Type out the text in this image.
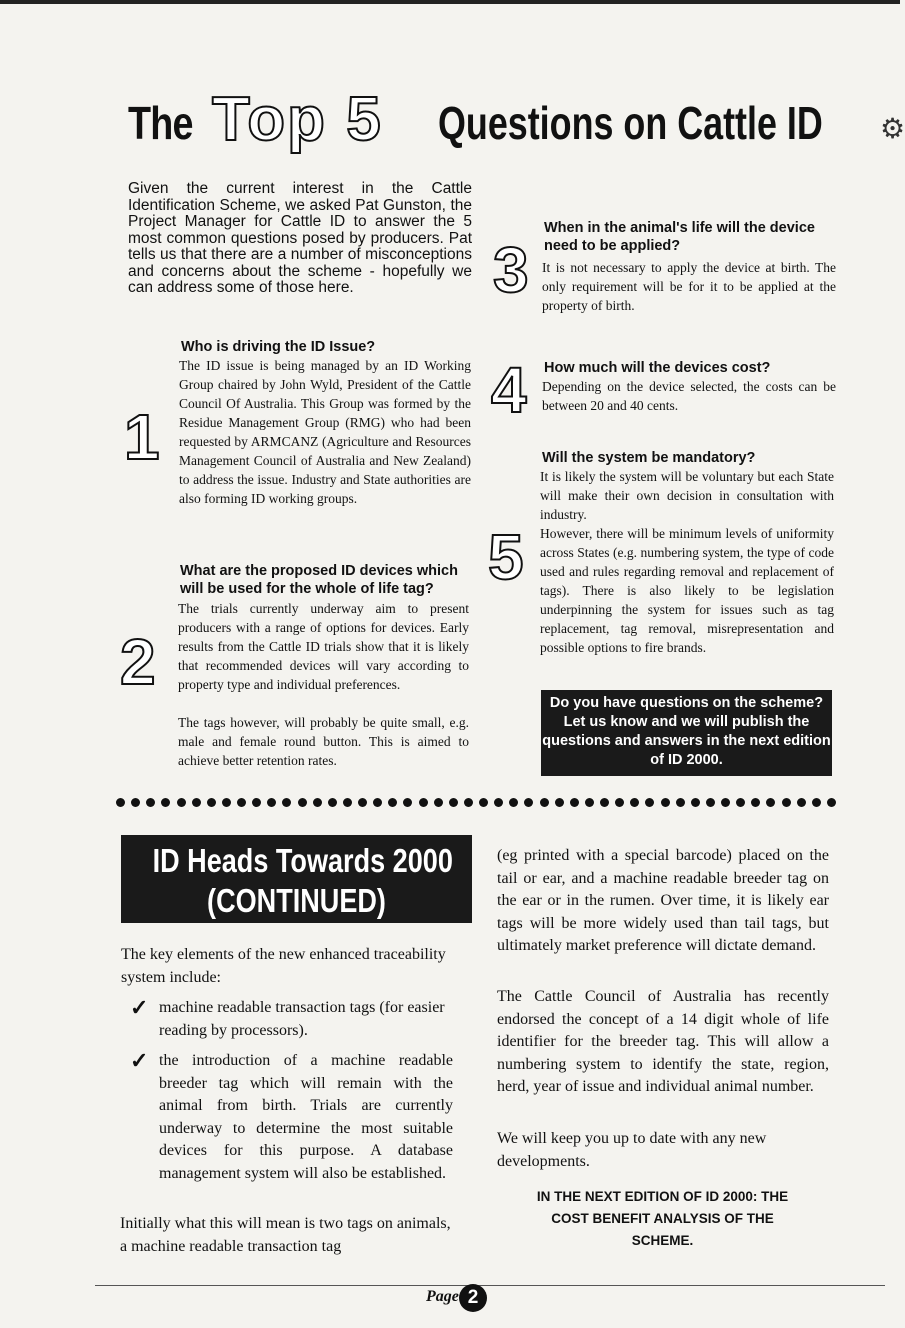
The Top 5 Questions on Cattle ID ⚙
Given the current interest in the Cattle Identification Scheme, we asked Pat Gunston, the Project Manager for Cattle ID to answer the 5 most common questions posed by producers. Pat tells us that there are a number of misconceptions and concerns about the scheme - hopefully we can address some of those here.
1
Who is driving the ID Issue?
The ID issue is being managed by an ID Working Group chaired by John Wyld, President of the Cattle Council Of Australia. This Group was formed by the Residue Management Group (RMG) who had been requested by ARMCANZ (Agriculture and Resources Management Council of Australia and New Zealand) to address the issue. Industry and State authorities are also forming ID working groups.
2
What are the proposed ID devices which will be used for the whole of life tag?
The trials currently underway aim to present producers with a range of options for devices. Early results from the Cattle ID trials show that it is likely that recommended devices will vary according to property type and individual preferences.
The tags however, will probably be quite small, e.g. male and female round button. This is aimed to achieve better retention rates.
3
When in the animal's life will the device need to be applied?
It is not necessary to apply the device at birth. The only requirement will be for it to be applied at the property of birth.
4 How much will the devices cost?
Depending on the device selected, the costs can be between 20 and 40 cents.
5
Will the system be mandatory?
It is likely the system will be voluntary but each State will make their own decision in consultation with industry.
However, there will be minimum levels of uniformity across States (e.g. numbering system, the type of code used and rules regarding removal and replacement of tags). There is also likely to be legislation underpinning the system for issues such as tag replacement, tag removal, misrepresentation and possible options to fire brands.
Do you have questions on the scheme? Let us know and we will publish the questions and answers in the next edition of ID 2000.
ID Heads Towards 2000
(CONTINUED)
The key elements of the new enhanced traceability system include:
✓ machine readable transaction tags (for easier reading by processors).
✓ the introduction of a machine readable breeder tag which will remain with the animal from birth. Trials are currently underway to determine the most suitable devices for this purpose. A database management system will also be established.
Initially what this will mean is two tags on animals, a machine readable transaction tag
(eg printed with a special barcode) placed on the tail or ear, and a machine readable breeder tag on the ear or in the rumen. Over time, it is likely ear tags will be more widely used than tail tags, but ultimately market preference will dictate demand.
The Cattle Council of Australia has recently endorsed the concept of a 14 digit whole of life identifier for the breeder tag. This will allow a numbering system to identify the state, region, herd, year of issue and individual animal number.
We will keep you up to date with any new developments.
IN THE NEXT EDITION OF ID 2000: THE COST BENEFIT ANALYSIS OF THE SCHEME.
Page 2
